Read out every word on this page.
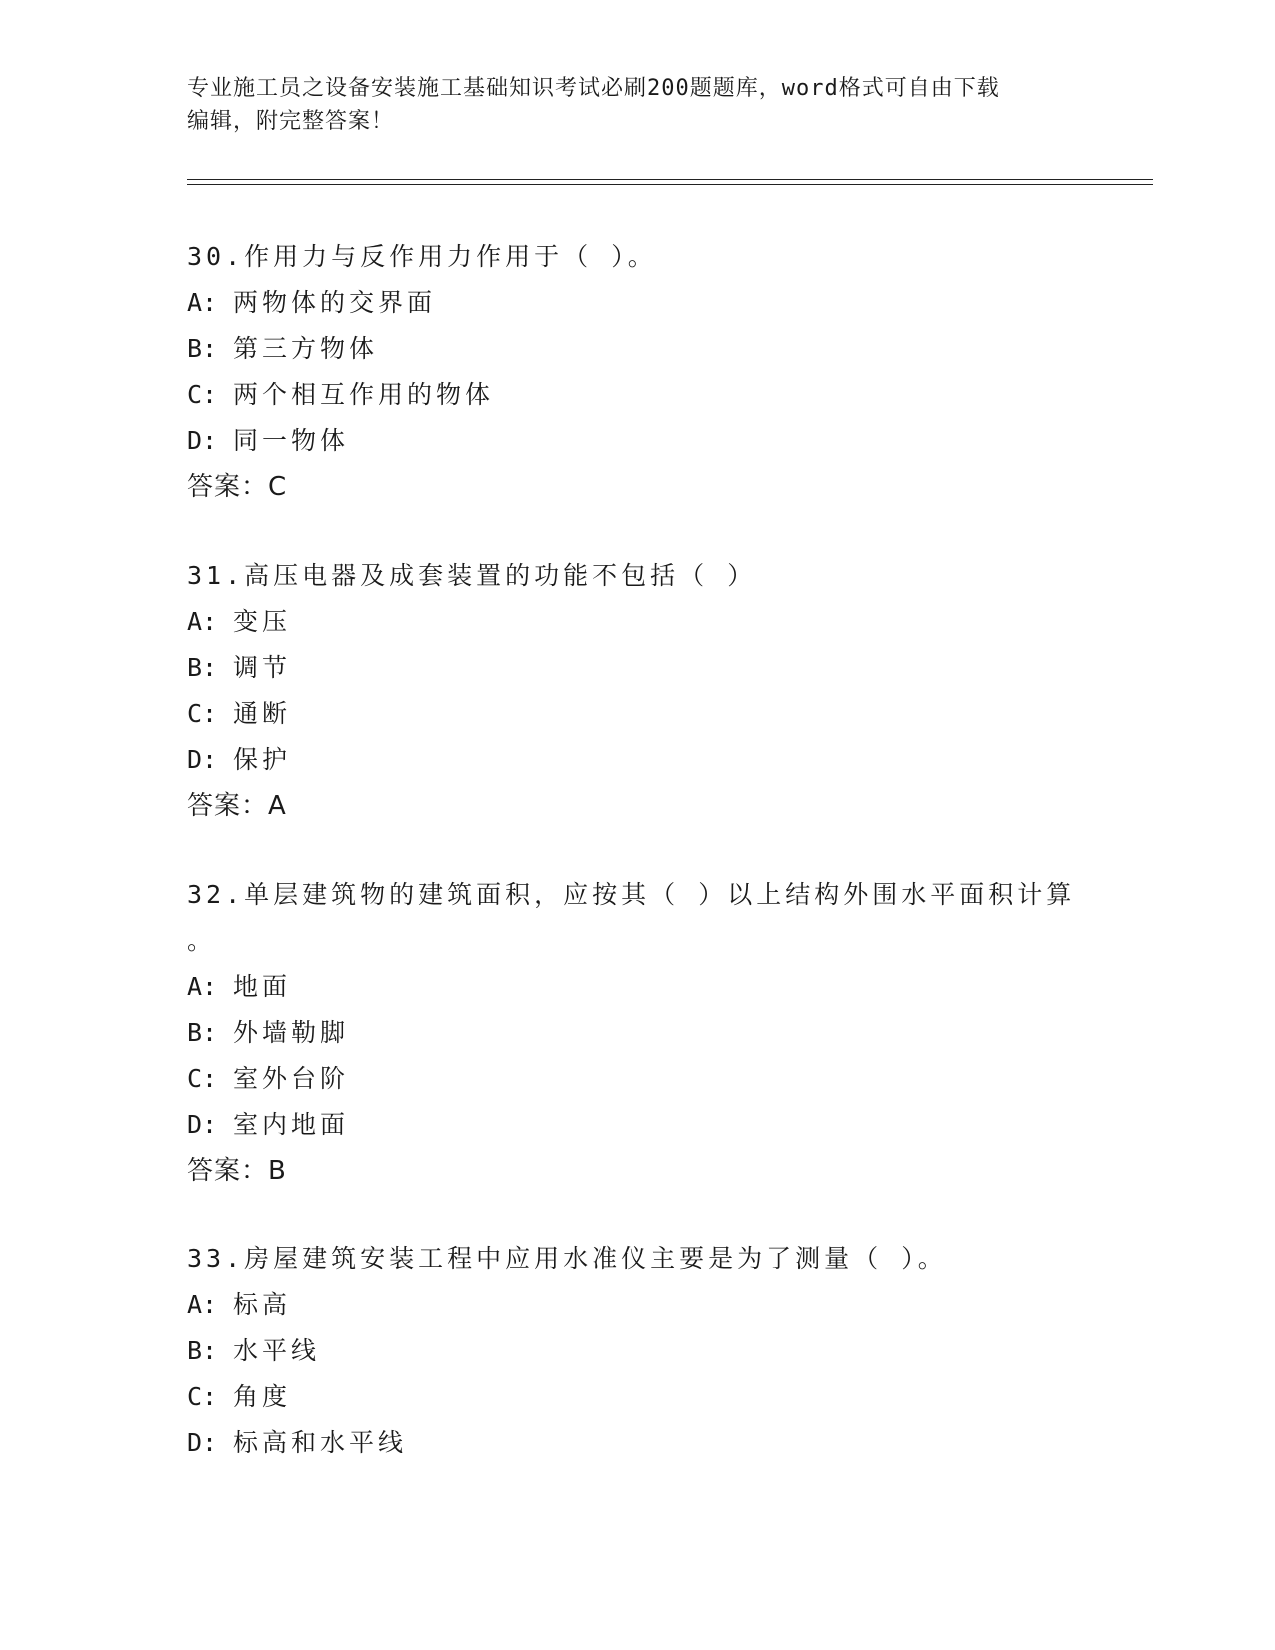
专业施工员之设备安装施工基础知识考试必刷200题题库，word格式可自由下载
编辑，附完整答案！
30.作用力与反作用力作用于（ ）。
A: 两物体的交界面
B: 第三方物体
C: 两个相互作用的物体
D: 同一物体
答案：C
31.高压电器及成套装置的功能不包括（ ）
A: 变压
B: 调节
C: 通断
D: 保护
答案：A
32.单层建筑物的建筑面积，应按其（ ）以上结构外围水平面积计算
。
A: 地面
B: 外墙勒脚
C: 室外台阶
D: 室内地面
答案：B
33.房屋建筑安装工程中应用水准仪主要是为了测量（ ）。
A: 标高
B: 水平线
C: 角度
D: 标高和水平线
